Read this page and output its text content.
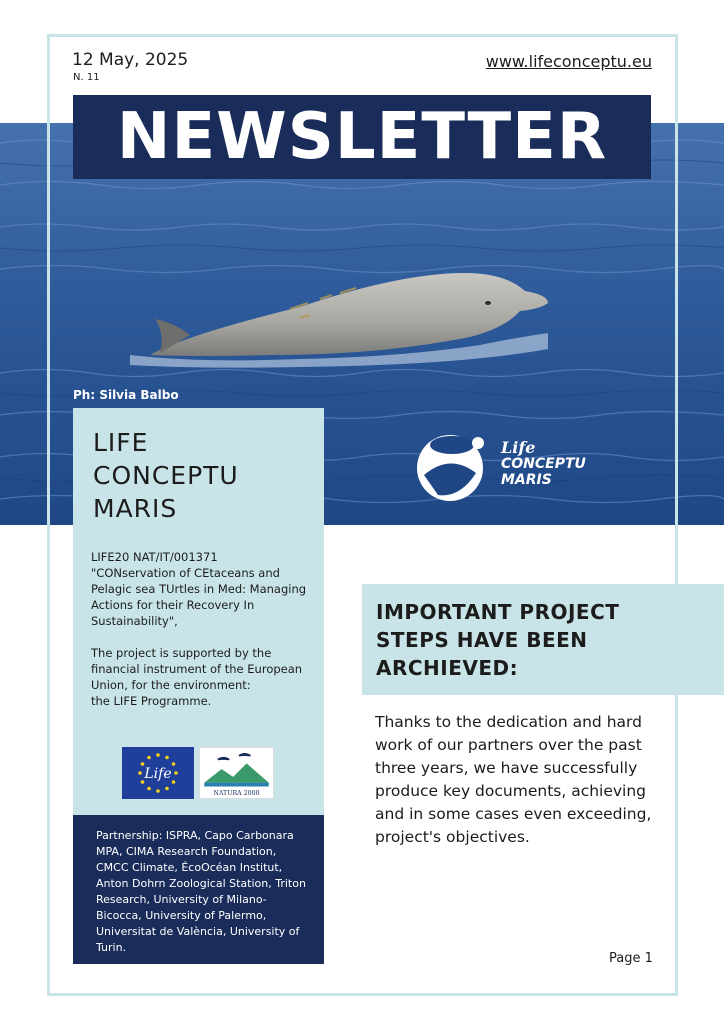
12 May, 2025
N. 11
www.lifeconceptu.eu
NEWSLETTER
Ph: Silvia Balbo
Life
CONCEPTU
MARIS
LIFE
CONCEPTU
MARIS

LIFE20 NAT/IT/001371
"CONservation of CEtaceans and Pelagic sea TUrtles in Med: Managing Actions for their Recovery In Sustainability",

The project is supported by the financial instrument of the European Union, for the environment:
the LIFE Programme.

Life
NATURA 2000

Partnership: ISPRA, Capo Carbonara MPA, CIMA Research Foundation, CMCC Climate, ÉcoOcéan Institut, Anton Dohrn Zoological Station, Triton Research, University of Milano-Bicocca, University of Palermo, Universitat de València, University of Turin.

IMPORTANT PROJECT STEPS HAVE BEEN ARCHIEVED:
Thanks to the dedication and hard work of our partners over the past three years, we have successfully produce key documents, achieving and in some cases even exceeding, project's objectives.
Page 1
